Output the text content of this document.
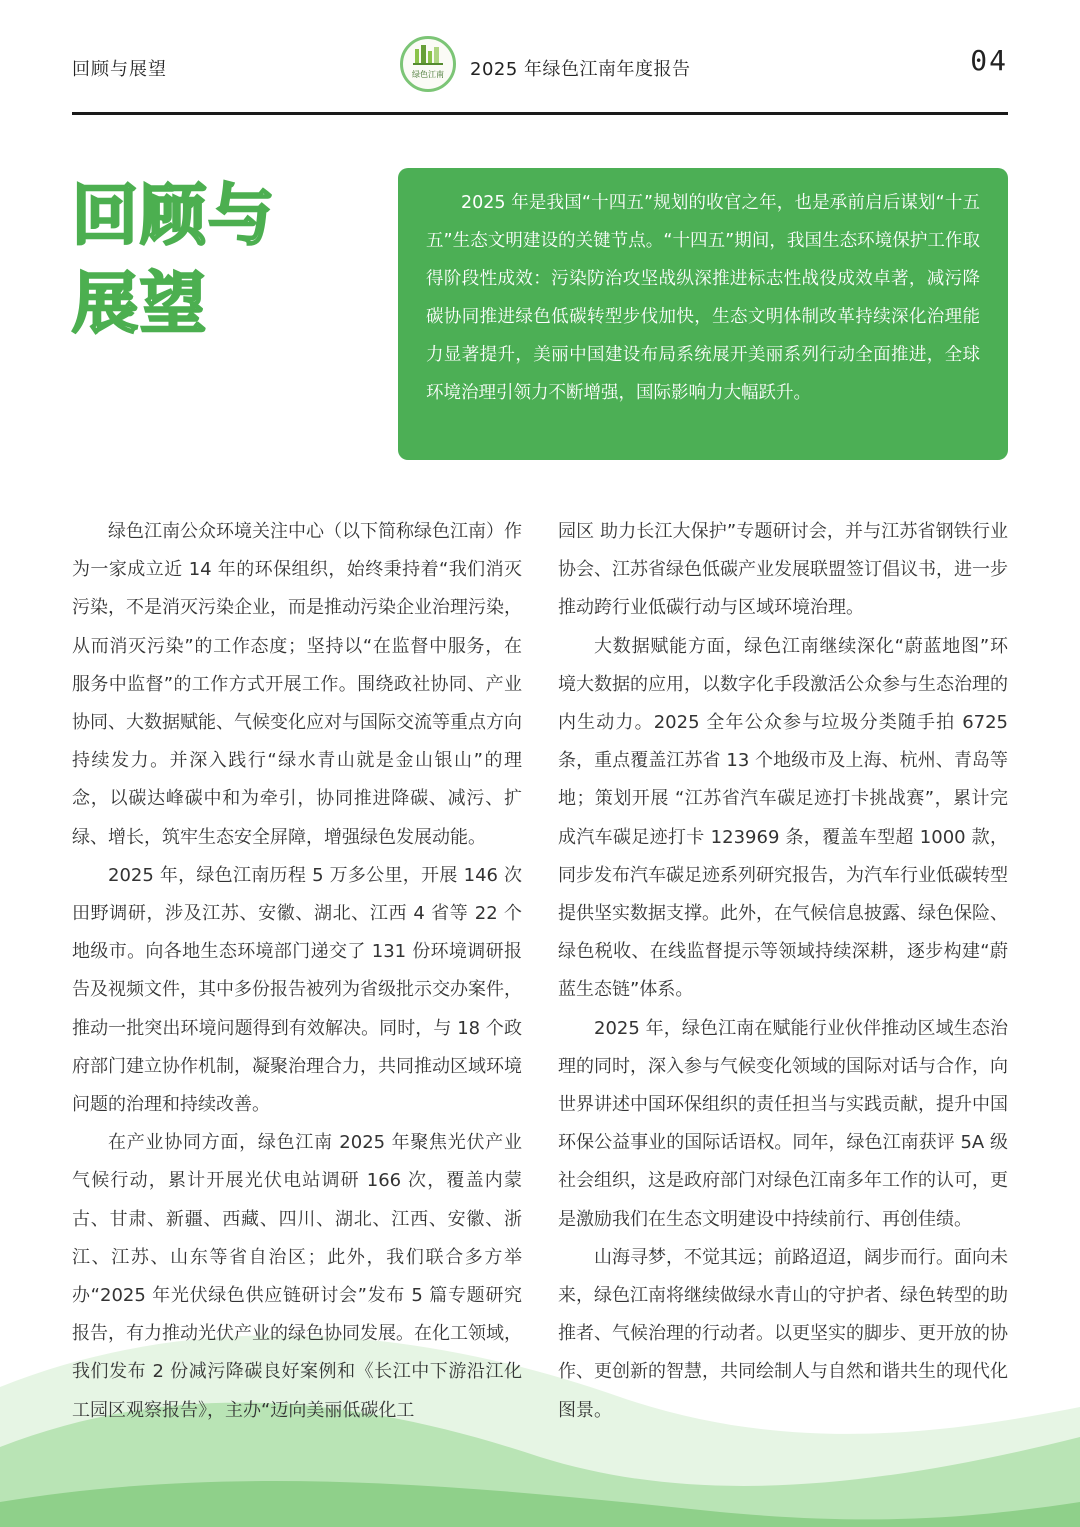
回顾与展望	绿色江南 2025 年绿色江南年度报告	04
回顾与
展望
2025 年是我国“十四五”规划的收官之年，也是承前启后谋划“十五五”生态文明建设的关键节点。“十四五”期间，我国生态环境保护工作取得阶段性成效：污染防治攻坚战纵深推进标志性战役成效卓著，减污降碳协同推进绿色低碳转型步伐加快，生态文明体制改革持续深化治理能力显著提升，美丽中国建设布局系统展开美丽系列行动全面推进，全球环境治理引领力不断增强，国际影响力大幅跃升。

绿色江南公众环境关注中心（以下简称绿色江南）作为一家成立近 14 年的环保组织，始终秉持着“我们消灭污染，不是消灭污染企业，而是推动污染企业治理污染，从而消灭污染”的工作态度；坚持以“在监督中服务，在服务中监督”的工作方式开展工作。围绕政社协同、产业协同、大数据赋能、气候变化应对与国际交流等重点方向持续发力。并深入践行“绿水青山就是金山银山”的理念，以碳达峰碳中和为牵引，协同推进降碳、减污、扩绿、增长，筑牢生态安全屏障，增强绿色发展动能。

2025 年，绿色江南历程 5 万多公里，开展 146 次田野调研，涉及江苏、安徽、湖北、江西 4 省等 22 个地级市。向各地生态环境部门递交了 131 份环境调研报告及视频文件，其中多份报告被列为省级批示交办案件，推动一批突出环境问题得到有效解决。同时，与 18 个政府部门建立协作机制，凝聚治理合力，共同推动区域环境问题的治理和持续改善。

在产业协同方面，绿色江南 2025 年聚焦光伏产业气候行动，累计开展光伏电站调研 166 次，覆盖内蒙古、甘肃、新疆、西藏、四川、湖北、江西、安徽、浙江、江苏、山东等省自治区；此外，我们联合多方举办“2025 年光伏绿色供应链研讨会”发布 5 篇专题研究报告，有力推动光伏产业的绿色协同发展。在化工领域，我们发布 2 份减污降碳良好案例和《长江中下游沿江化工园区观察报告》，主办“迈向美丽低碳化工

园区 助力长江大保护”专题研讨会，并与江苏省钢铁行业协会、江苏省绿色低碳产业发展联盟签订倡议书，进一步推动跨行业低碳行动与区域环境治理。

大数据赋能方面，绿色江南继续深化“蔚蓝地图”环境大数据的应用，以数字化手段激活公众参与生态治理的内生动力。2025 全年公众参与垃圾分类随手拍 6725 条，重点覆盖江苏省 13 个地级市及上海、杭州、青岛等地；策划开展 “江苏省汽车碳足迹打卡挑战赛”，累计完成汽车碳足迹打卡 123969 条，覆盖车型超 1000 款，同步发布汽车碳足迹系列研究报告，为汽车行业低碳转型提供坚实数据支撑。此外，在气候信息披露、绿色保险、绿色税收、在线监督提示等领域持续深耕，逐步构建“蔚蓝生态链”体系。

2025 年，绿色江南在赋能行业伙伴推动区域生态治理的同时，深入参与气候变化领域的国际对话与合作，向世界讲述中国环保组织的责任担当与实践贡献，提升中国环保公益事业的国际话语权。同年，绿色江南获评 5A 级社会组织，这是政府部门对绿色江南多年工作的认可，更是激励我们在生态文明建设中持续前行、再创佳绩。

山海寻梦，不觉其远；前路迢迢，阔步而行。面向未来，绿色江南将继续做绿水青山的守护者、绿色转型的助推者、气候治理的行动者。以更坚实的脚步、更开放的协作、更创新的智慧，共同绘制人与自然和谐共生的现代化图景。
